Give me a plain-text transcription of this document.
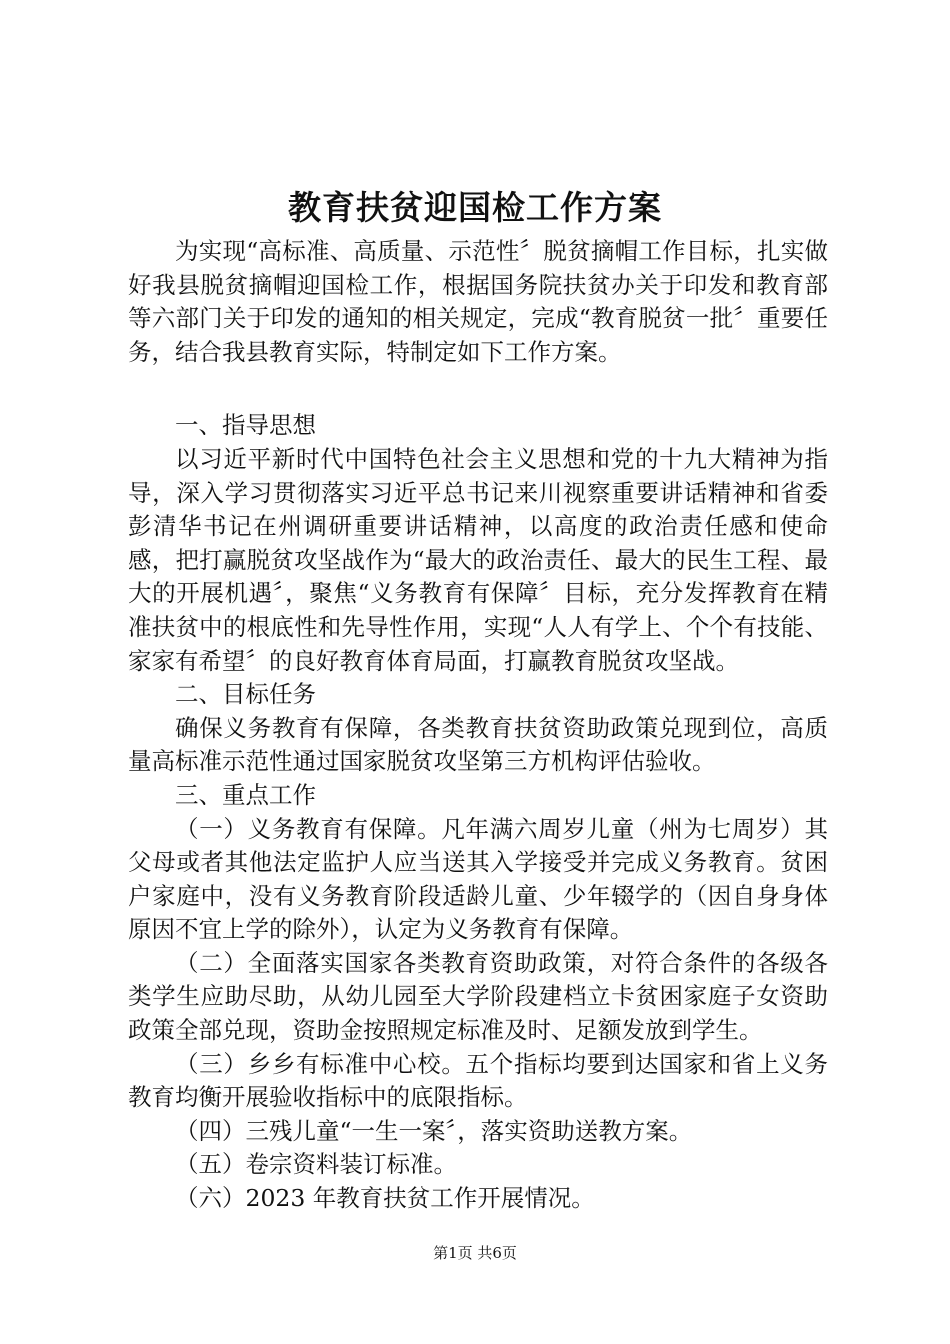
教育扶贫迎国检工作方案

为实现“高标准、高质量、示范性〞脱贫摘帽工作目标，扎实做好我县脱贫摘帽迎国检工作，根据国务院扶贫办关于印发和教育部等六部门关于印发的通知的相关规定，完成“教育脱贫一批〞重要任务，结合我县教育实际，特制定如下工作方案。

一、指导思想

以习近平新时代中国特色社会主义思想和党的十九大精神为指导，深入学习贯彻落实习近平总书记来川视察重要讲话精神和省委彭清华书记在州调研重要讲话精神，以高度的政治责任感和使命感，把打赢脱贫攻坚战作为“最大的政治责任、最大的民生工程、最大的开展机遇〞，聚焦“义务教育有保障〞目标，充分发挥教育在精准扶贫中的根底性和先导性作用，实现“人人有学上、个个有技能、家家有希望〞的良好教育体育局面，打赢教育脱贫攻坚战。

二、目标任务

确保义务教育有保障，各类教育扶贫资助政策兑现到位，高质量高标准示范性通过国家脱贫攻坚第三方机构评估验收。

三、重点工作

（一）义务教育有保障。凡年满六周岁儿童（州为七周岁）其父母或者其他法定监护人应当送其入学接受并完成义务教育。贫困户家庭中，没有义务教育阶段适龄儿童、少年辍学的（因自身身体原因不宜上学的除外），认定为义务教育有保障。

（二）全面落实国家各类教育资助政策，对符合条件的各级各类学生应助尽助，从幼儿园至大学阶段建档立卡贫困家庭子女资助政策全部兑现，资助金按照规定标准及时、足额发放到学生。

（三）乡乡有标准中心校。五个指标均要到达国家和省上义务教育均衡开展验收指标中的底限指标。

（四）三残儿童“一生一案〞，落实资助送教方案。

（五）卷宗资料装订标准。

（六）2023 年教育扶贫工作开展情况。

第1页 共6页
